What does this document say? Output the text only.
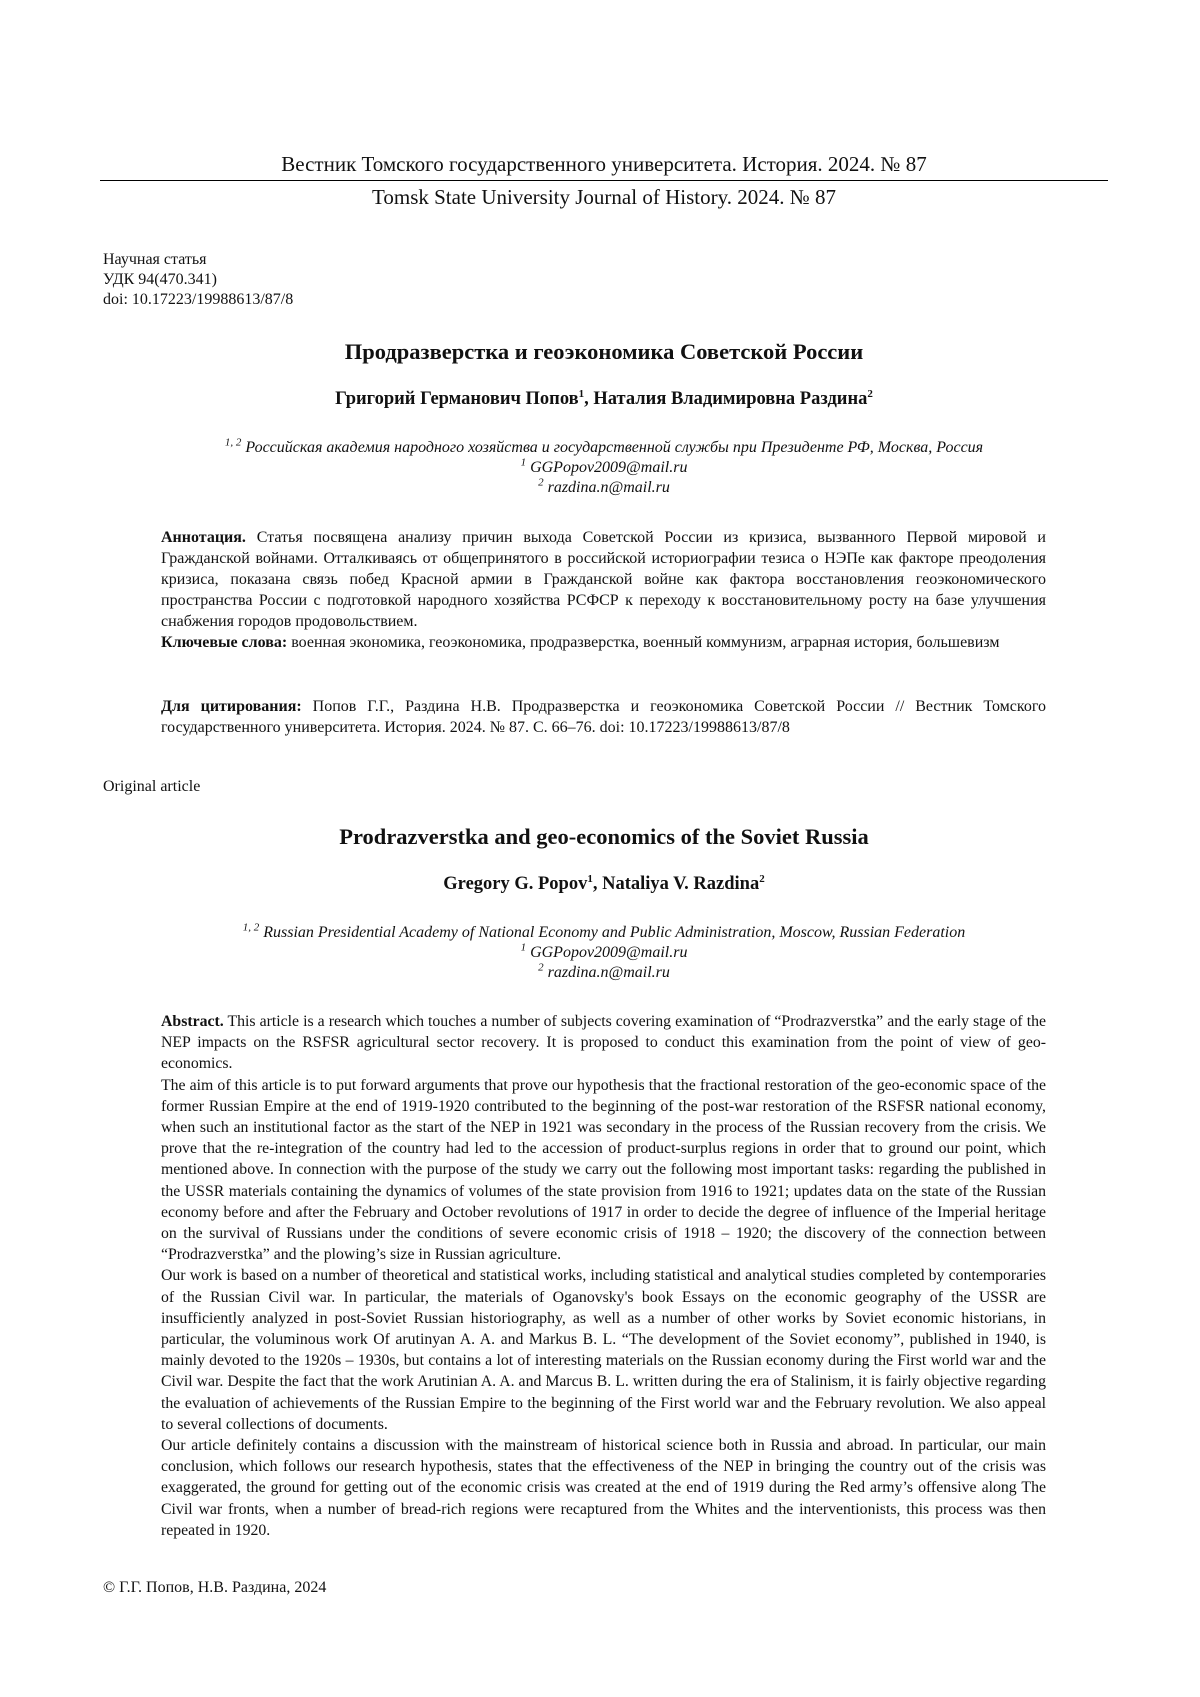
Вестник Томского государственного университета. История. 2024. № 87
Tomsk State University Journal of History. 2024. № 87
Научная статья
УДК 94(470.341)
doi: 10.17223/19988613/87/8
Продразверстка и геоэкономика Советской России
Григорий Германович Попов$^1$, Наталия Владимировна Раздина$^2$
$^{1, 2}$ Российская академия народного хозяйства и государственной службы при Президенте РФ, Москва, Россия
$^1$ GGPopov2009@mail.ru
$^2$ razdina.n@mail.ru

Аннотация. Статья посвящена анализу причин выхода Советской России из кризиса, вызванного Первой мировой и Гражданской войнами. Отталкиваясь от общепринятого в российской историографии тезиса о НЭПе как факторе преодоления кризиса, показана связь побед Красной армии в Гражданской войне как фактора восстановления геоэкономического пространства России с подготовкой народного хозяйства РСФСР к переходу к восстановительному росту на базе улучшения снабжения городов продовольствием.

Ключевые слова: военная экономика, геоэкономика, продразверстка, военный коммунизм, аграрная история, большевизм

Для цитирования: Попов Г.Г., Раздина Н.В. Продразверстка и геоэкономика Советской России // Вестник Томского государственного университета. История. 2024. № 87. С. 66–76. doi: 10.17223/19988613/87/8

Original article
Prodrazverstka and geo-economics of the Soviet Russia
Gregory G. Popov$^1$, Nataliya V. Razdina$^2$
$^{1, 2}$ Russian Presidential Academy of National Economy and Public Administration, Moscow, Russian Federation
$^1$ GGPopov2009@mail.ru
$^2$ razdina.n@mail.ru

Abstract. This article is a research which touches a number of subjects covering examination of “Prodrazverstka” and the early stage of the NEP impacts on the RSFSR agricultural sector recovery. It is proposed to conduct this examination from the point of view of geo-economics.

The aim of this article is to put forward arguments that prove our hypothesis that the fractional restoration of the geo-economic space of the former Russian Empire at the end of 1919-1920 contributed to the beginning of the post-war restoration of the RSFSR national economy, when such an institutional factor as the start of the NEP in 1921 was secondary in the process of the Russian recovery from the crisis. We prove that the re-integration of the country had led to the accession of product-surplus regions in order that to ground our point, which mentioned above. In connection with the purpose of the study we carry out the following most important tasks: regarding the published in the USSR materials containing the dynamics of volumes of the state provision from 1916 to 1921; updates data on the state of the Russian economy before and after the February and October revolutions of 1917 in order to decide the degree of influence of the Imperial heritage on the survival of Russians under the conditions of severe economic crisis of 1918 – 1920; the discovery of the connection between “Prodrazverstka” and the plowing’s size in Russian agriculture.

Our work is based on a number of theoretical and statistical works, including statistical and analytical studies completed by contemporaries of the Russian Civil war. In particular, the materials of Oganovsky's book Essays on the economic geography of the USSR are insufficiently analyzed in post-Soviet Russian historiography, as well as a number of other works by Soviet economic historians, in particular, the voluminous work Of arutinyan A. A. and Markus B. L. “The development of the Soviet economy”, published in 1940, is mainly devoted to the 1920s – 1930s, but contains a lot of interesting materials on the Russian economy during the First world war and the Civil war. Despite the fact that the work Arutinian A. A. and Marcus B. L. written during the era of Stalinism, it is fairly objective regarding the evaluation of achievements of the Russian Empire to the beginning of the First world war and the February revolution. We also appeal to several collections of documents.

Our article definitely contains a discussion with the mainstream of historical science both in Russia and abroad. In particular, our main conclusion, which follows our research hypothesis, states that the effectiveness of the NEP in bringing the country out of the crisis was exaggerated, the ground for getting out of the economic crisis was created at the end of 1919 during the Red army’s offensive along The Civil war fronts, when a number of bread-rich regions were recaptured from the Whites and the interventionists, this process was then repeated in 1920.

© Г.Г. Попов, Н.В. Раздина, 2024
